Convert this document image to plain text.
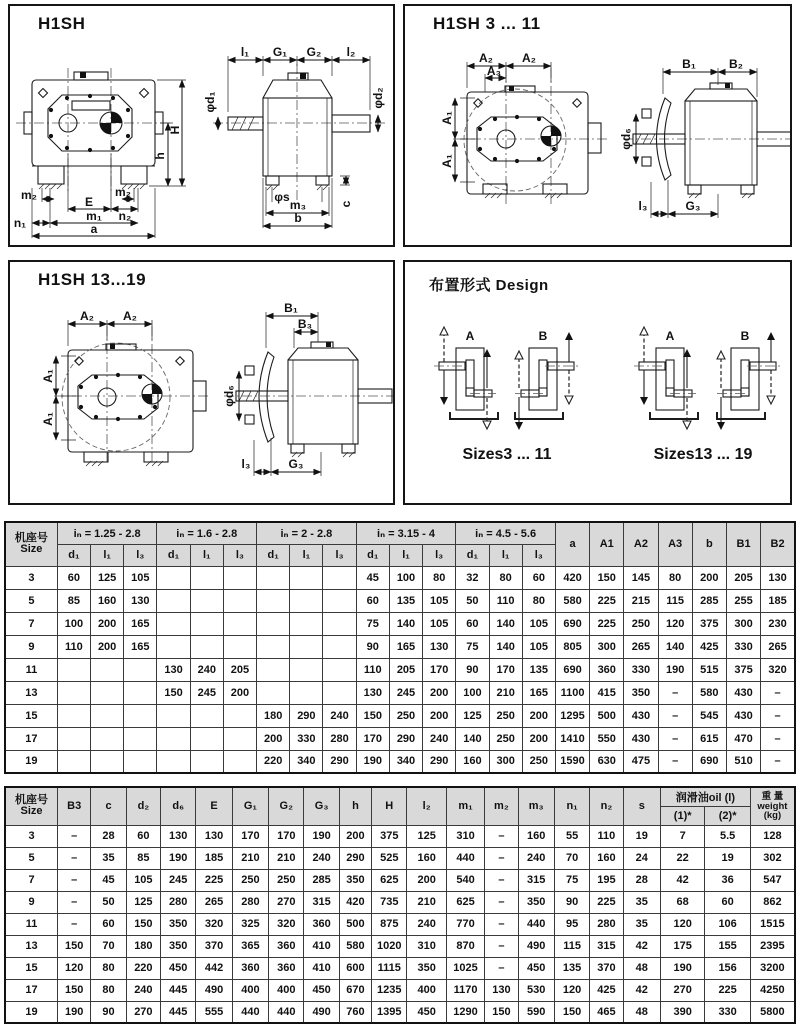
H1SH
H
h
m₂	m₂
E
n₂
m₁
n₁	a
l₁ G₁ G₂ l₂
φd₁	φd₂
φs
m₃
b
c
H1SH 3 ... 11
A₂ A₂
A₃
A₁
A₁
B₁	B₂
φd₆
l₃	G₃
H1SH 13...19
A₂ A₂
A₁
A₁
B₁
B₃
φd₆
l₃	G₃
布置形式 Design
A	B	A	B
Sizes3 ... 11	Sizes13 ... 19
机座号
Size	iₙ = 1.25 - 2.8			iₙ = 1.6 - 2.8			iₙ = 2 - 2.8			iₙ = 3.15 - 4			iₙ = 4.5 - 5.6			a	A1	A2	A3	b	B1	B2
	d₁	l₁	l₃	d₁	l₁	l₃	d₁	l₁	l₃	d₁	l₁	l₃	d₁	l₁	l₃							
3	60	125	105							45	100	80	32	80	60	420	150	145	80	200	205	130
5	85	160	130							60	135	105	50	110	80	580	225	215	115	285	255	185
7	100	200	165							75	140	105	60	140	105	690	225	250	120	375	300	230
9	110	200	165							90	165	130	75	140	105	805	300	265	140	425	330	265
11				130	240	205				110	205	170	90	170	135	690	360	330	190	515	375	320
13				150	245	200				130	245	200	100	210	165	1100	415	350	–	580	430	–
15							180	290	240	150	250	200	125	250	200	1295	500	430	–	545	430	–
17							200	330	280	170	290	240	140	250	200	1410	550	430	–	615	470	–
19							220	340	290	190	340	290	160	300	250	1590	630	475	–	690	510	–
机座号
Size	B3	c	d₂	d₆	E	G₁	G₂	G₃	h	H	l₂	m₁	m₂	m₃	n₁	n₂	s	润滑油oil (l)	重 量
weight
(kg)

																		(1)*	(2)*	
3	–	28	60	130	130	170	170	190	200	375	125	310	–	160	55	110	19	7	5.5	128
5	–	35	85	190	185	210	210	240	290	525	160	440	–	240	70	160	24	22	19	302
7	–	45	105	245	225	250	250	285	350	625	200	540	–	315	75	195	28	42	36	547
9	–	50	125	280	265	280	270	315	420	735	210	625	–	350	90	225	35	68	60	862
11	–	60	150	350	320	325	320	360	500	875	240	770	–	440	95	280	35	120	106	1515
13	150	70	180	350	370	365	360	410	580	1020	310	870	–	490	115	315	42	175	155	2395
15	120	80	220	450	442	360	360	410	600	1115	350	1025	–	450	135	370	48	190	156	3200
17	150	80	240	445	490	400	400	450	670	1235	400	1170	130	530	120	425	42	270	225	4250
19	190	90	270	445	555	440	440	490	760	1395	450	1290	150	590	150	465	48	390	330	5800
